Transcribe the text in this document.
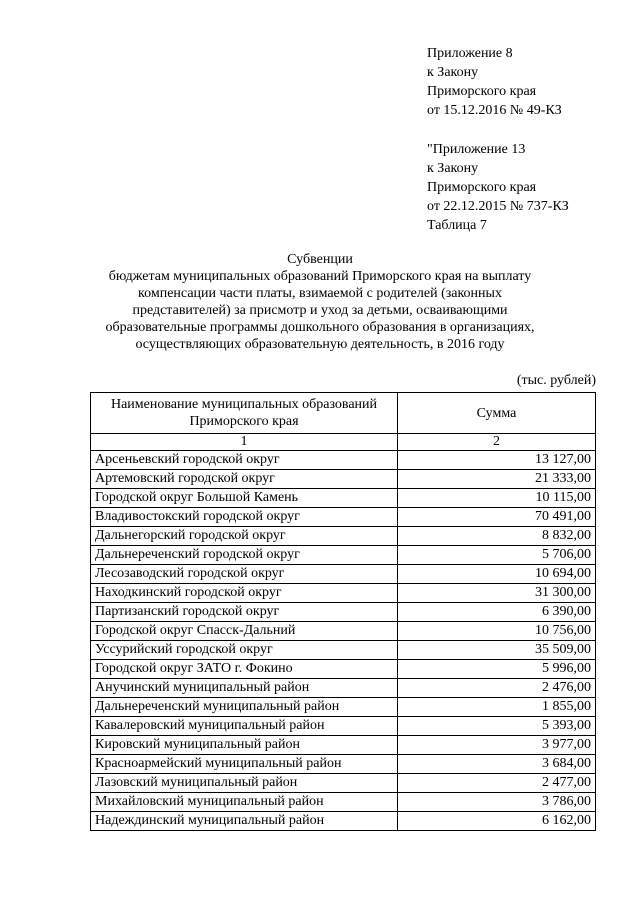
Приложение 8
к Закону
Приморского края
от 15.12.2016 № 49-КЗ
"Приложение 13
к Закону
Приморского края
от 22.12.2015 № 737-КЗ
Таблица 7
Субвенции
бюджетам муниципальных образований Приморского края на выплату
компенсации части платы, взимаемой с родителей (законных
представителей) за присмотр и уход за детьми, осваивающими
образовательные программы дошкольного образования в организациях,
осуществляющих образовательную деятельность, в 2016 году
(тыс. рублей)
Наименование муниципальных образований Приморского края	Сумма
1	2
Арсеньевский городской округ	13 127,00
Артемовский городской округ	21 333,00
Городской округ Большой Камень	10 115,00
Владивостокский городской округ	70 491,00
Дальнегорский городской округ	8 832,00
Дальнереченский городской округ	5 706,00
Лесозаводский городской округ	10 694,00
Находкинский городской округ	31 300,00
Партизанский городской округ	6 390,00
Городской округ Спасск-Дальний	10 756,00
Уссурийский городской округ	35 509,00
Городской округ ЗАТО г. Фокино	5 996,00
Анучинский муниципальный район	2 476,00
Дальнереченский муниципальный район	1 855,00
Кавалеровский муниципальный район	5 393,00
Кировский муниципальный район	3 977,00
Красноармейский муниципальный район	3 684,00
Лазовский муниципальный район	2 477,00
Михайловский муниципальный район	3 786,00
Надеждинский муниципальный район	6 162,00
